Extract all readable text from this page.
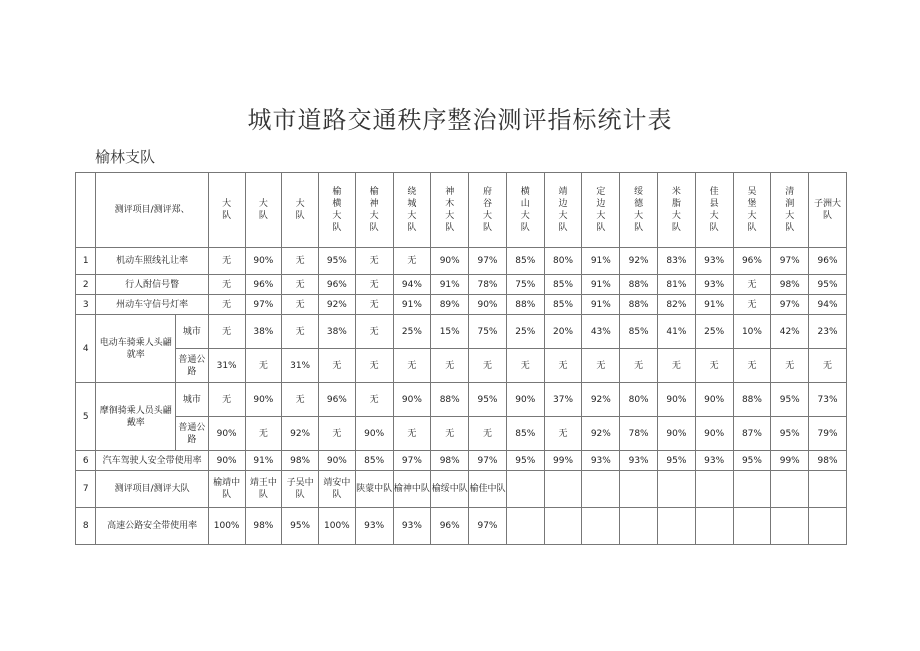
城市道路交通秩序整治测评指标统计表
榆林支队
	测评项目/测评郑、		大队	大队	大队	榆横大队	榆神大队	绕城大队	神木大队	府谷大队	横山大队	靖边大队	定边大队	绥德大队	米脂大队	佳县大队	吴堡大队	清涧大队	子洲大队
1	机动车照线礼让率		无	90%	无	95%	无	无	90%	97%	85%	80%	91%	92%	83%	93%	96%	97%	96%
2	行人酎信号瞥		无	96%	无	96%	无	94%	91%	78%	75%	85%	91%	88%	81%	93%	无	98%	95%
3	州动车守信号灯率		无	97%	无	92%	无	91%	89%	90%	88%	85%	91%	88%	82%	91%	无	97%	94%
4	电动车骑乘人头翩就率	城市	无	38%	无	38%	无	25%	15%	75%	25%	20%	43%	85%	41%	25%	10%	42%	23%
		普通公路	31%	无	31%	无	无	无	无	无	无	无	无	无	无	无	无	无	无
5	摩徊骑乘人员头翩戴率	城市	无	90%	无	96%	无	90%	88%	95%	90%	37%	92%	80%	90%	90%	88%	95%	73%
		普通公路	90%	无	92%	无	90%	无	无	无	85%	无	92%	78%	90%	90%	87%	95%	79%
6	汽车驾驶人安全带使用率		90%	91%	98%	90%	85%	97%	98%	97%	95%	99%	93%	93%	95%	93%	95%	99%	98%
7	测评项目/测评大队		榆靖中队	靖王中队	子吴中队	靖安中队	陕蒙中队	榆神中队	榆绥中队	榆佳中队									
8	高速公路安全带使用率		100%	98%	95%	100%	93%	93%	96%	97%									
